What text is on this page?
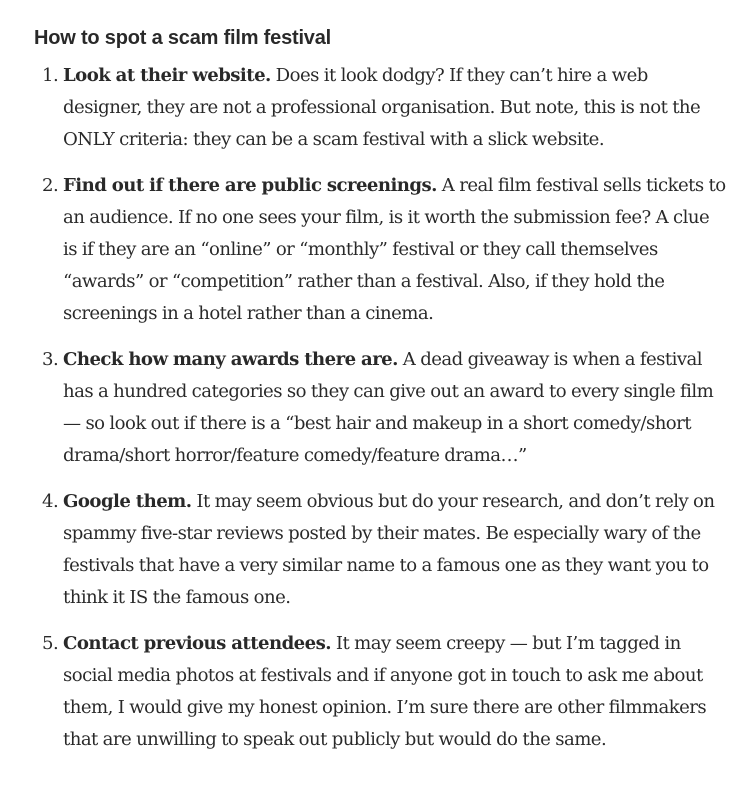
How to spot a scam film festival
1. Look at their website. Does it look dodgy? If they can’t hire a web designer, they are not a professional organisation. But note, this is not the ONLY criteria: they can be a scam festival with a slick website.
2. Find out if there are public screenings. A real film festival sells tickets to an audience. If no one sees your film, is it worth the submission fee? A clue is if they are an “online” or “monthly” festival or they call themselves “awards” or “competition” rather than a festival. Also, if they hold the screenings in a hotel rather than a cinema.
3. Check how many awards there are. A dead giveaway is when a festival has a hundred categories so they can give out an award to every single film — so look out if there is a “best hair and makeup in a short comedy/short drama/short horror/feature comedy/feature drama…”
4. Google them. It may seem obvious but do your research, and don’t rely on spammy five-star reviews posted by their mates. Be especially wary of the festivals that have a very similar name to a famous one as they want you to think it IS the famous one.
5. Contact previous attendees. It may seem creepy — but I’m tagged in social media photos at festivals and if anyone got in touch to ask me about them, I would give my honest opinion. I’m sure there are other filmmakers that are unwilling to speak out publicly but would do the same.
